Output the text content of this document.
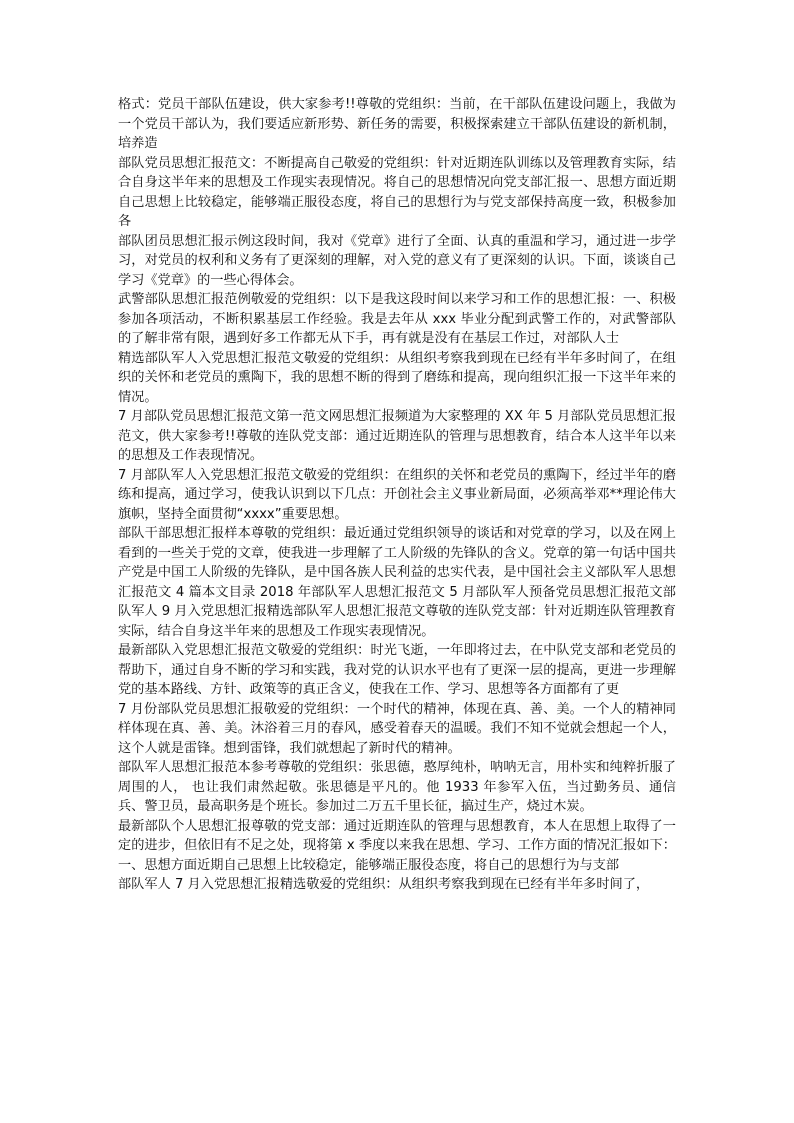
格式：党员干部队伍建设，供大家参考!!尊敬的党组织：当前，在干部队伍建设问题上，我做为一个党员干部认为，我们要适应新形势、新任务的需要，积极探索建立干部队伍建设的新机制，培养造

部队党员思想汇报范文：不断提高自己敬爱的党组织：针对近期连队训练以及管理教育实际，结合自身这半年来的思想及工作现实表现情况。将自己的思想情况向党支部汇报一、思想方面近期自己思想上比较稳定，能够端正服役态度，将自己的思想行为与党支部保持高度一致，积极参加各

部队团员思想汇报示例这段时间，我对《党章》进行了全面、认真的重温和学习，通过进一步学习，对党员的权利和义务有了更深刻的理解，对入党的意义有了更深刻的认识。下面，谈谈自己学习《党章》的一些心得体会。

武警部队思想汇报范例敬爱的党组织：以下是我这段时间以来学习和工作的思想汇报：一、积极参加各项活动，不断积累基层工作经验。我是去年从 xxx 毕业分配到武警工作的，对武警部队的了解非常有限，遇到好多工作都无从下手，再有就是没有在基层工作过，对部队人士

精选部队军人入党思想汇报范文敬爱的党组织：从组织考察我到现在已经有半年多时间了，在组织的关怀和老党员的熏陶下，我的思想不断的得到了磨练和提高，现向组织汇报一下这半年来的情况。

7 月部队党员思想汇报范文第一范文网思想汇报频道为大家整理的 XX 年 5 月部队党员思想汇报范文，供大家参考!!尊敬的连队党支部：通过近期连队的管理与思想教育，结合本人这半年以来的思想及工作表现情况。

7 月部队军人入党思想汇报范文敬爱的党组织：在组织的关怀和老党员的熏陶下，经过半年的磨练和提高，通过学习，使我认识到以下几点：开创社会主义事业新局面，必须高举邓**理论伟大旗帜，坚持全面贯彻“xxxx”重要思想。

部队干部思想汇报样本尊敬的党组织：最近通过党组织领导的谈话和对党章的学习，以及在网上看到的一些关于党的文章，使我进一步理解了工人阶级的先锋队的含义。党章的第一句话中国共产党是中国工人阶级的先锋队，是中国各族人民利益的忠实代表，是中国社会主义部队军人思想汇报范文 4 篇本文目录 2018 年部队军人思想汇报范文 5 月部队军人预备党员思想汇报范文部队军人 9 月入党思想汇报精选部队军人思想汇报范文尊敬的连队党支部：针对近期连队管理教育实际，结合自身这半年来的思想及工作现实表现情况。

最新部队入党思想汇报范文敬爱的党组织：时光飞逝，一年即将过去，在中队党支部和老党员的帮助下，通过自身不断的学习和实践，我对党的认识水平也有了更深一层的提高，更进一步理解党的基本路线、方针、政策等的真正含义，使我在工作、学习、思想等各方面都有了更

7 月份部队党员思想汇报敬爱的党组织：一个时代的精神，体现在真、善、美。一个人的精神同样体现在真、善、美。沐浴着三月的春风，感受着春天的温暖。我们不知不觉就会想起一个人，这个人就是雷锋。想到雷锋，我们就想起了新时代的精神。

部队军人思想汇报范本参考尊敬的党组织：张思德，憨厚纯朴，呐呐无言，用朴实和纯粹折服了周围的人， 也让我们肃然起敬。张思德是平凡的。他 1933 年参军入伍，当过勤务员、通信兵、警卫员，最高职务是个班长。参加过二万五千里长征，搞过生产，烧过木炭。

最新部队个人思想汇报尊敬的党支部：通过近期连队的管理与思想教育，本人在思想上取得了一定的进步，但依旧有不足之处，现将第 x 季度以来我在思想、学习、工作方面的情况汇报如下：一、思想方面近期自己思想上比较稳定，能够端正服役态度，将自己的思想行为与支部

部队军人 7 月入党思想汇报精选敬爱的党组织：从组织考察我到现在已经有半年多时间了，
